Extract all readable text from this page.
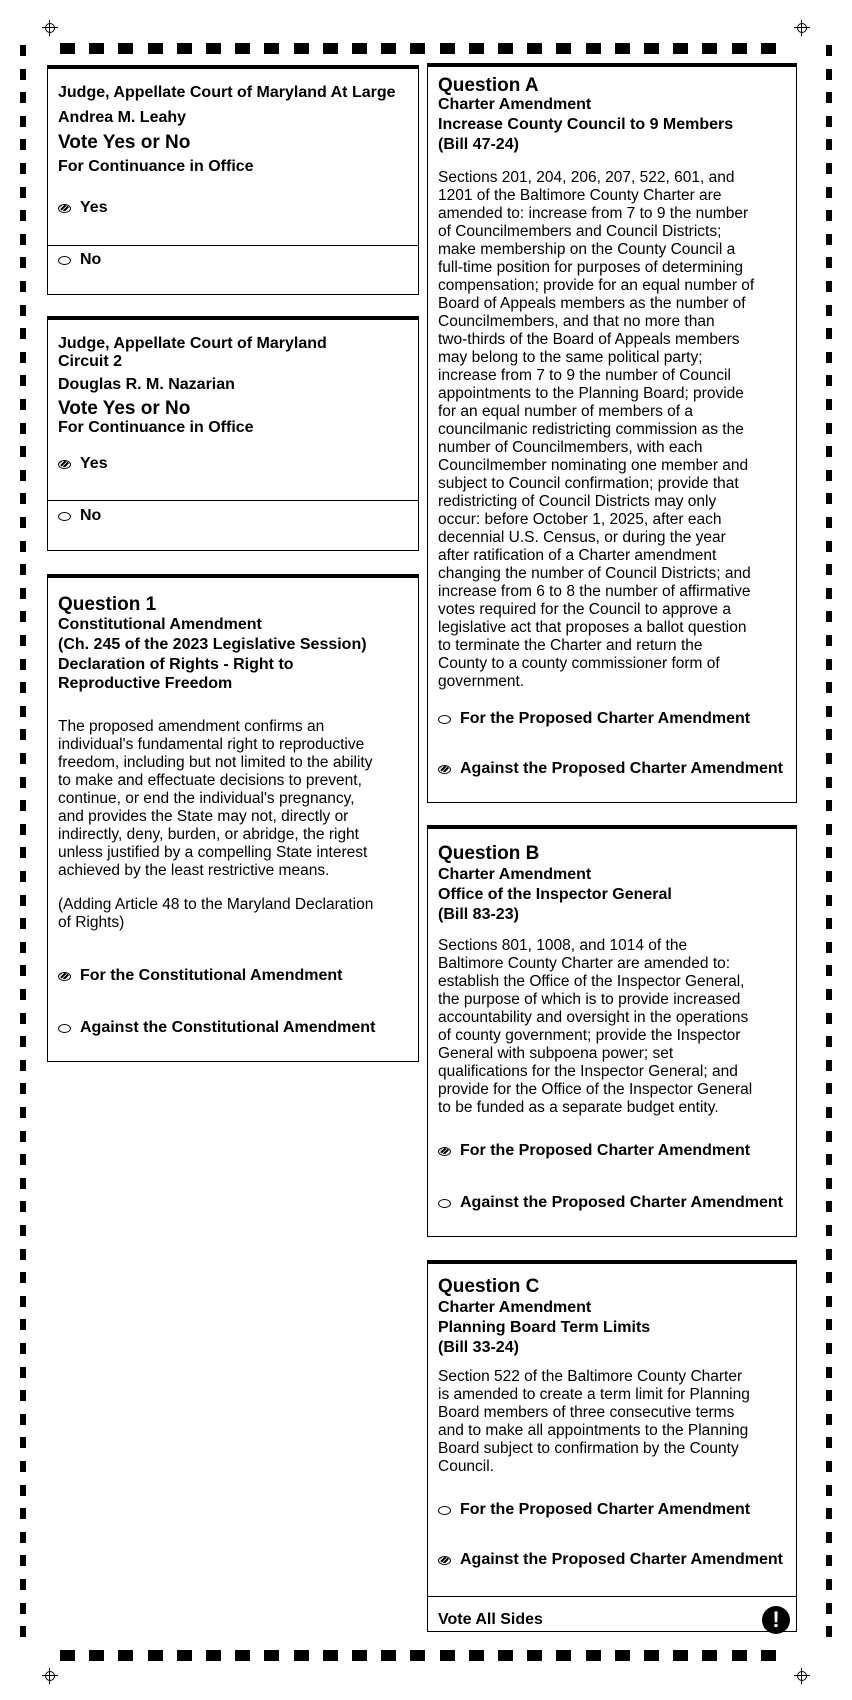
Judge, Appellate Court of Maryland At Large
Andrea M. Leahy
Vote Yes or No
For Continuance in Office
Yes
No
Judge, Appellate Court of Maryland
Circuit 2
Douglas R. M. Nazarian
Vote Yes or No
For Continuance in Office
Yes
No
Question 1
Constitutional Amendment
(Ch. 245 of the 2023 Legislative Session)
Declaration of Rights - Right to Reproductive Freedom
The proposed amendment confirms an
individual's fundamental right to reproductive
freedom, including but not limited to the ability
to make and effectuate decisions to prevent,
continue, or end the individual's pregnancy,
and provides the State may not, directly or
indirectly, deny, burden, or abridge, the right
unless justified by a compelling State interest
achieved by the least restrictive means.
(Adding Article 48 to the Maryland Declaration
of Rights)
For the Constitutional Amendment
Against the Constitutional Amendment
Question A
Charter Amendment
Increase County Council to 9 Members
(Bill 47-24)
Sections 201, 204, 206, 207, 522, 601, and
1201 of the Baltimore County Charter are
amended to: increase from 7 to 9 the number
of Councilmembers and Council Districts;
make membership on the County Council a
full-time position for purposes of determining
compensation; provide for an equal number of
Board of Appeals members as the number of
Councilmembers, and that no more than
two-thirds of the Board of Appeals members
may belong to the same political party;
increase from 7 to 9 the number of Council
appointments to the Planning Board; provide
for an equal number of members of a
councilmanic redistricting commission as the
number of Councilmembers, with each
Councilmember nominating one member and
subject to Council confirmation; provide that
redistricting of Council Districts may only
occur: before October 1, 2025, after each
decennial U.S. Census, or during the year
after ratification of a Charter amendment
changing the number of Council Districts; and
increase from 6 to 8 the number of affirmative
votes required for the Council to approve a
legislative act that proposes a ballot question
to terminate the Charter and return the
County to a county commissioner form of
government.
For the Proposed Charter Amendment
Against the Proposed Charter Amendment
Question B
Charter Amendment
Office of the Inspector General
(Bill 83-23)
Sections 801, 1008, and 1014 of the
Baltimore County Charter are amended to:
establish the Office of the Inspector General,
the purpose of which is to provide increased
accountability and oversight in the operations
of county government; provide the Inspector
General with subpoena power; set
qualifications for the Inspector General; and
provide for the Office of the Inspector General
to be funded as a separate budget entity.
For the Proposed Charter Amendment
Against the Proposed Charter Amendment
Question C
Charter Amendment
Planning Board Term Limits
(Bill 33-24)
Section 522 of the Baltimore County Charter
is amended to create a term limit for Planning
Board members of three consecutive terms
and to make all appointments to the Planning
Board subject to confirmation by the County
Council.
For the Proposed Charter Amendment
Against the Proposed Charter Amendment
Vote All Sides	!
